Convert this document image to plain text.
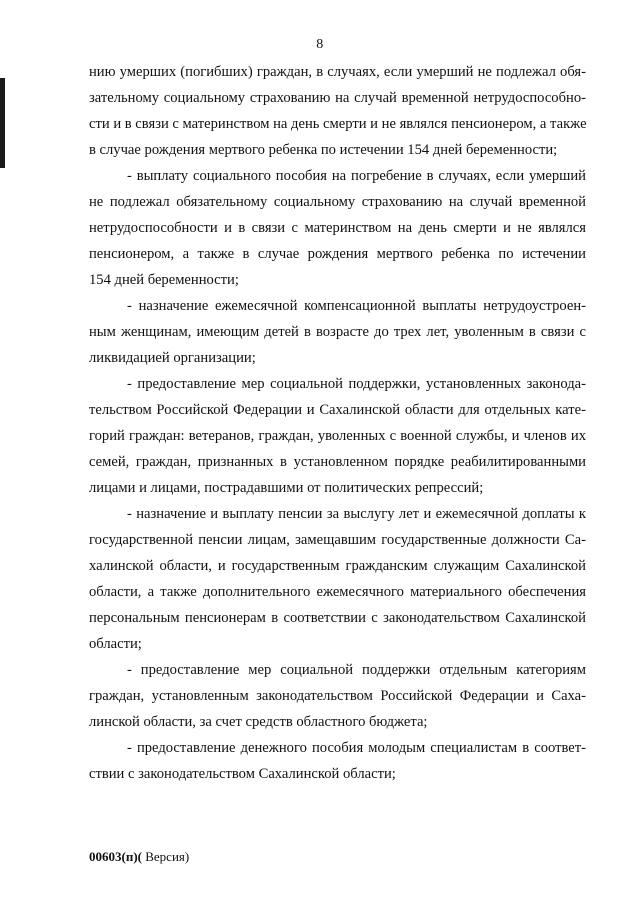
8

нию умерших (погибших) граждан, в случаях, если умерший не подлежал обя-
зательному социальному страхованию на случай временной нетрудоспособно-
сти и в связи с материнством на день смерти и не являлся пенсионером, а также
в случае рождения мертвого ребенка по истечении 154 дней беременности;

- выплату социального пособия на погребение в случаях, если умерший
не подлежал обязательному социальному страхованию на случай временной
нетрудоспособности и в связи с материнством на день смерти и не являлся
пенсионером, а также в случае рождения мертвого ребенка по истечении
154 дней беременности;

- назначение ежемесячной компенсационной выплаты нетрудоустроен-
ным женщинам, имеющим детей в возрасте до трех лет, уволенным в связи с
ликвидацией организации;

- предоставление мер социальной поддержки, установленных законода-
тельством Российской Федерации и Сахалинской области для отдельных кате-
горий граждан: ветеранов, граждан, уволенных с военной службы, и членов их
семей, граждан, признанных в установленном порядке реабилитированными
лицами и лицами, пострадавшими от политических репрессий;

- назначение и выплату пенсии за выслугу лет и ежемесячной доплаты к
государственной пенсии лицам, замещавшим государственные должности Са-
халинской области, и государственным гражданским служащим Сахалинской
области, а также дополнительного ежемесячного материального обеспечения
персональным пенсионерам в соответствии с законодательством Сахалинской
области;

- предоставление мер социальной поддержки отдельным категориям
граждан, установленным законодательством Российской Федерации и Саха-
линской области, за счет средств областного бюджета;

- предоставление денежного пособия молодым специалистам в соответ-
ствии с законодательством Сахалинской области;

00603(п)( Версия)
